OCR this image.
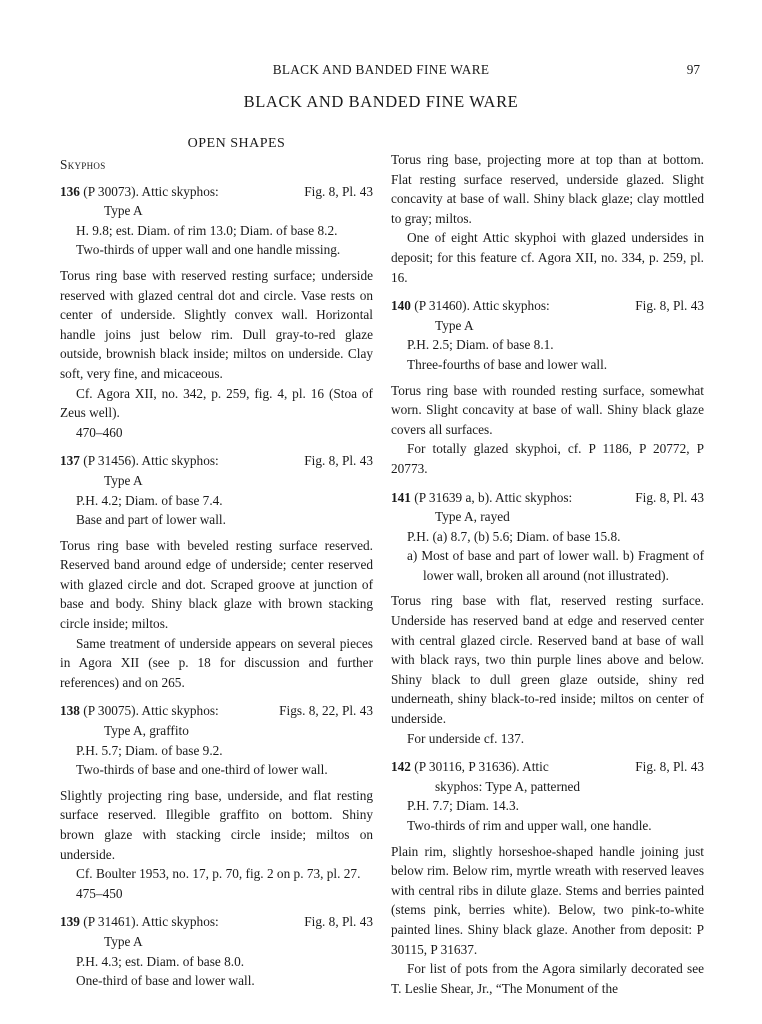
BLACK AND BANDED FINE WARE	97
BLACK AND BANDED FINE WARE
OPEN SHAPES
Skyphos
136 (P 30073). Attic skyphos:	Fig. 8, Pl. 43
Type A

H. 9.8; est. Diam. of rim 13.0; Diam. of base 8.2.

Two-thirds of upper wall and one handle missing.

Torus ring base with reserved resting surface; underside reserved with glazed central dot and circle. Vase rests on center of underside. Slightly convex wall. Horizontal handle joins just below rim. Dull gray-to-red glaze outside, brownish black inside; miltos on underside. Clay soft, very fine, and micaceous.

Cf. Agora XII, no. 342, p. 259, fig. 4, pl. 16 (Stoa of Zeus well).

470–460

137 (P 31456). Attic skyphos:	Fig. 8, Pl. 43
Type A

P.H. 4.2; Diam. of base 7.4.

Base and part of lower wall.

Torus ring base with beveled resting surface reserved. Reserved band around edge of underside; center reserved with glazed circle and dot. Scraped groove at junction of base and body. Shiny black glaze with brown stacking circle inside; miltos.

Same treatment of underside appears on several pieces in Agora XII (see p. 18 for discussion and further references) and on 265.

138 (P 30075). Attic skyphos:	Figs. 8, 22, Pl. 43
Type A, graffito

P.H. 5.7; Diam. of base 9.2.

Two-thirds of base and one-third of lower wall.

Slightly projecting ring base, underside, and flat resting surface reserved. Illegible graffito on bottom. Shiny brown glaze with stacking circle inside; miltos on underside.

Cf. Boulter 1953, no. 17, p. 70, fig. 2 on p. 73, pl. 27.

475–450

139 (P 31461). Attic skyphos:	Fig. 8, Pl. 43
Type A

P.H. 4.3; est. Diam. of base 8.0.

One-third of base and lower wall.

Torus ring base, projecting more at top than at bottom. Flat resting surface reserved, underside glazed. Slight concavity at base of wall. Shiny black glaze; clay mottled to gray; miltos.

One of eight Attic skyphoi with glazed undersides in deposit; for this feature cf. Agora XII, no. 334, p. 259, pl. 16.

140 (P 31460). Attic skyphos:	Fig. 8, Pl. 43
Type A

P.H. 2.5; Diam. of base 8.1.

Three-fourths of base and lower wall.

Torus ring base with rounded resting surface, somewhat worn. Slight concavity at base of wall. Shiny black glaze covers all surfaces.

For totally glazed skyphoi, cf. P 1186, P 20772, P 20773.

141 (P 31639 a, b). Attic skyphos:	Fig. 8, Pl. 43
Type A, rayed

P.H. (a) 8.7, (b) 5.6; Diam. of base 15.8.

a) Most of base and part of lower wall. b) Fragment of lower wall, broken all around (not illustrated).

Torus ring base with flat, reserved resting surface. Underside has reserved band at edge and reserved center with central glazed circle. Reserved band at base of wall with black rays, two thin purple lines above and below. Shiny black to dull green glaze outside, shiny red underneath, shiny black-to-red inside; miltos on center of underside.

For underside cf. 137.

142 (P 30116, P 31636). Attic	Fig. 8, Pl. 43
skyphos: Type A, patterned

P.H. 7.7; Diam. 14.3.

Two-thirds of rim and upper wall, one handle.

Plain rim, slightly horseshoe-shaped handle joining just below rim. Below rim, myrtle wreath with reserved leaves with central ribs in dilute glaze. Stems and berries painted (stems pink, berries white). Below, two pink-to-white painted lines. Shiny black glaze. Another from deposit: P 30115, P 31637.

For list of pots from the Agora similarly decorated see T. Leslie Shear, Jr., “The Monument of the
